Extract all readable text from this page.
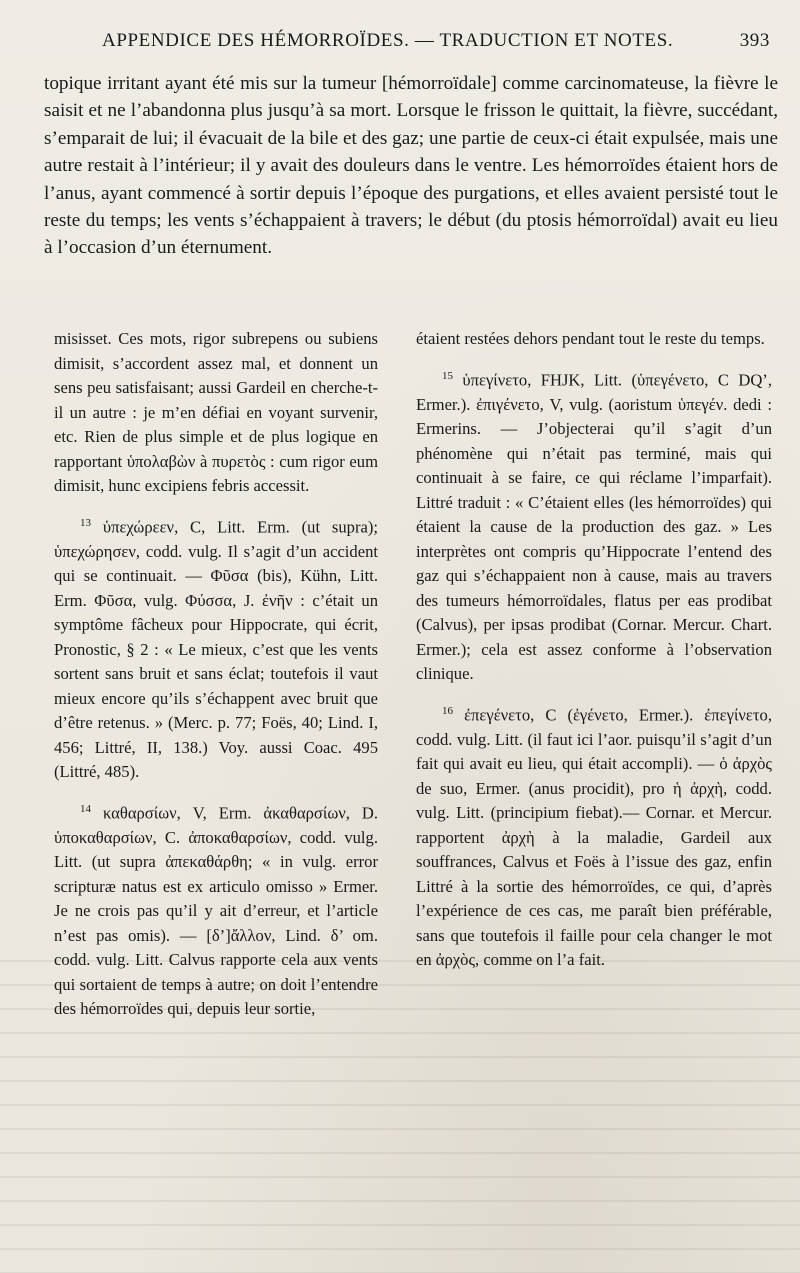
APPENDICE DES HÉMORROÏDES. — TRADUCTION ET NOTES.	393

topique irritant ayant été mis sur la tumeur [hémorroïdale] comme carcinomateuse, la fièvre le saisit et ne l’abandonna plus jusqu’à sa mort. Lorsque le frisson le quittait, la fièvre, succédant, s’emparait de lui; il évacuait de la bile et des gaz; une partie de ceux-ci était expulsée, mais une autre restait à l’intérieur; il y avait des douleurs dans le ventre. Les hémorroïdes étaient hors de l’anus, ayant commencé à sortir depuis l’époque des purgations, et elles avaient persisté tout le reste du temps; les vents s’échappaient à travers; le début (du ptosis hémorroïdal) avait eu lieu à l’occasion d’un éternument.

misisset. Ces mots, rigor subrepens ou subiens dimisit, s’accordent assez mal, et donnent un sens peu satisfaisant; aussi Gardeil en cherche-t-il un autre : je m’en défiai en voyant survenir, etc. Rien de plus simple et de plus logique en rapportant ὑπολαβὼν à πυρετὸς : cum rigor eum dimisit, hunc excipiens febris accessit.

$^{13}$ ὑπεχώρεεν, C, Litt. Erm. (ut supra); ὑπεχώρησεν, codd. vulg. Il s’agit d’un accident qui se continuait. — Φῦσα (bis), Kühn, Litt. Erm. Φῦσα, vulg. Φύσσα, J. ἐνῆν : c’était un symptôme fâcheux pour Hippocrate, qui écrit, Pronostic, § 2 : « Le mieux, c’est que les vents sortent sans bruit et sans éclat; toutefois il vaut mieux encore qu’ils s’échappent avec bruit que d’être retenus. » (Merc. p. 77; Foës, 40; Lind. I, 456; Littré, II, 138.) Voy. aussi Coac. 495 (Littré, 485).

$^{14}$ καθαρσίων, V, Erm. ἀκαθαρσίων, D. ὑποκαθαρσίων, C. ἀποκαθαρσίων, codd. vulg. Litt. (ut supra ἀπεκαθάρθη; « in vulg. error scripturæ natus est ex articulo omisso » Ermer. Je ne crois pas qu’il y ait d’erreur, et l’article n’est pas omis). — [δ’]ἄλλον, Lind. δ’ om. codd. vulg. Litt. Calvus rapporte cela aux vents qui sortaient de temps à autre; on doit l’entendre des hémorroïdes qui, depuis leur sortie,

étaient restées dehors pendant tout le reste du temps.

$^{15}$ ὑπεγίνετο, FHJK, Litt. (ὑπεγένετο, C DQ’, Ermer.). ἐπιγένετο, V, vulg. (aoristum ὑπεγέν. dedi : Ermerins. — J’objecterai qu’il s’agit d’un phénomène qui n’était pas terminé, mais qui continuait à se faire, ce qui réclame l’imparfait). Littré traduit : « C’étaient elles (les hémorroïdes) qui étaient la cause de la production des gaz. » Les interprètes ont compris qu’Hippocrate l’entend des gaz qui s’échappaient non à cause, mais au travers des tumeurs hémorroïdales, flatus per eas prodibat (Calvus), per ipsas prodibat (Cornar. Mercur. Chart. Ermer.); cela est assez conforme à l’observation clinique.

$^{16}$ ἐπεγένετο, C (ἐγένετο, Ermer.). ἐπεγίνετο, codd. vulg. Litt. (il faut ici l’aor. puisqu’il s’agit d’un fait qui avait eu lieu, qui était accompli). — ὁ ἀρχὸς de suo, Ermer. (anus procidit), pro ἡ ἀρχὴ, codd. vulg. Litt. (principium fiebat).— Cornar. et Mercur. rapportent ἀρχὴ à la maladie, Gardeil aux souffrances, Calvus et Foës à l’issue des gaz, enfin Littré à la sortie des hémorroïdes, ce qui, d’après l’expérience de ces cas, me paraît bien préférable, sans que toutefois il faille pour cela changer le mot en ἀρχὸς, comme on l’a fait.
